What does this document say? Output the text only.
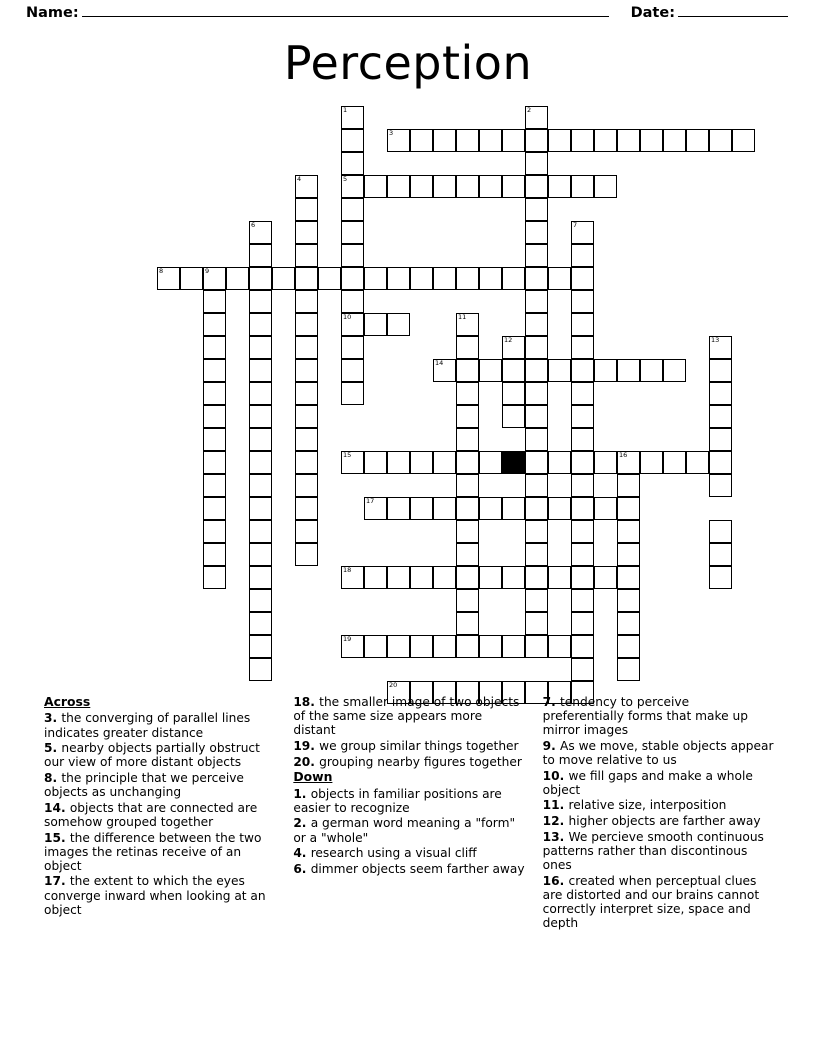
Name:	Date:
Perception
1	2
3
4	5
6	7
8	9
10	11
12	13
14
15	16
17
18
19
20
Across
3. the converging of parallel lines indicates greater distance
5. nearby objects partially obstruct our view of more distant objects
8. the principle that we perceive objects as unchanging
14. objects that are connected are somehow grouped together
15. the difference between the two images the retinas receive of an object
17. the extent to which the eyes converge inward when looking at an object
18. the smaller image of two objects of the same size appears more distant
19. we group similar things together
20. grouping nearby figures together
Down
1. objects in familiar positions are easier to recognize
2. a german word meaning a "form" or a "whole"
4. research using a visual cliff
6. dimmer objects seem farther away
7. tendency to perceive preferentially forms that make up mirror images
9. As we move, stable objects appear to move relative to us
10. we fill gaps and make a whole object
11. relative size, interposition
12. higher objects are farther away
13. We percieve smooth continuous patterns rather than discontinous ones
16. created when perceptual clues are distorted and our brains cannot correctly interpret size, space and depth
